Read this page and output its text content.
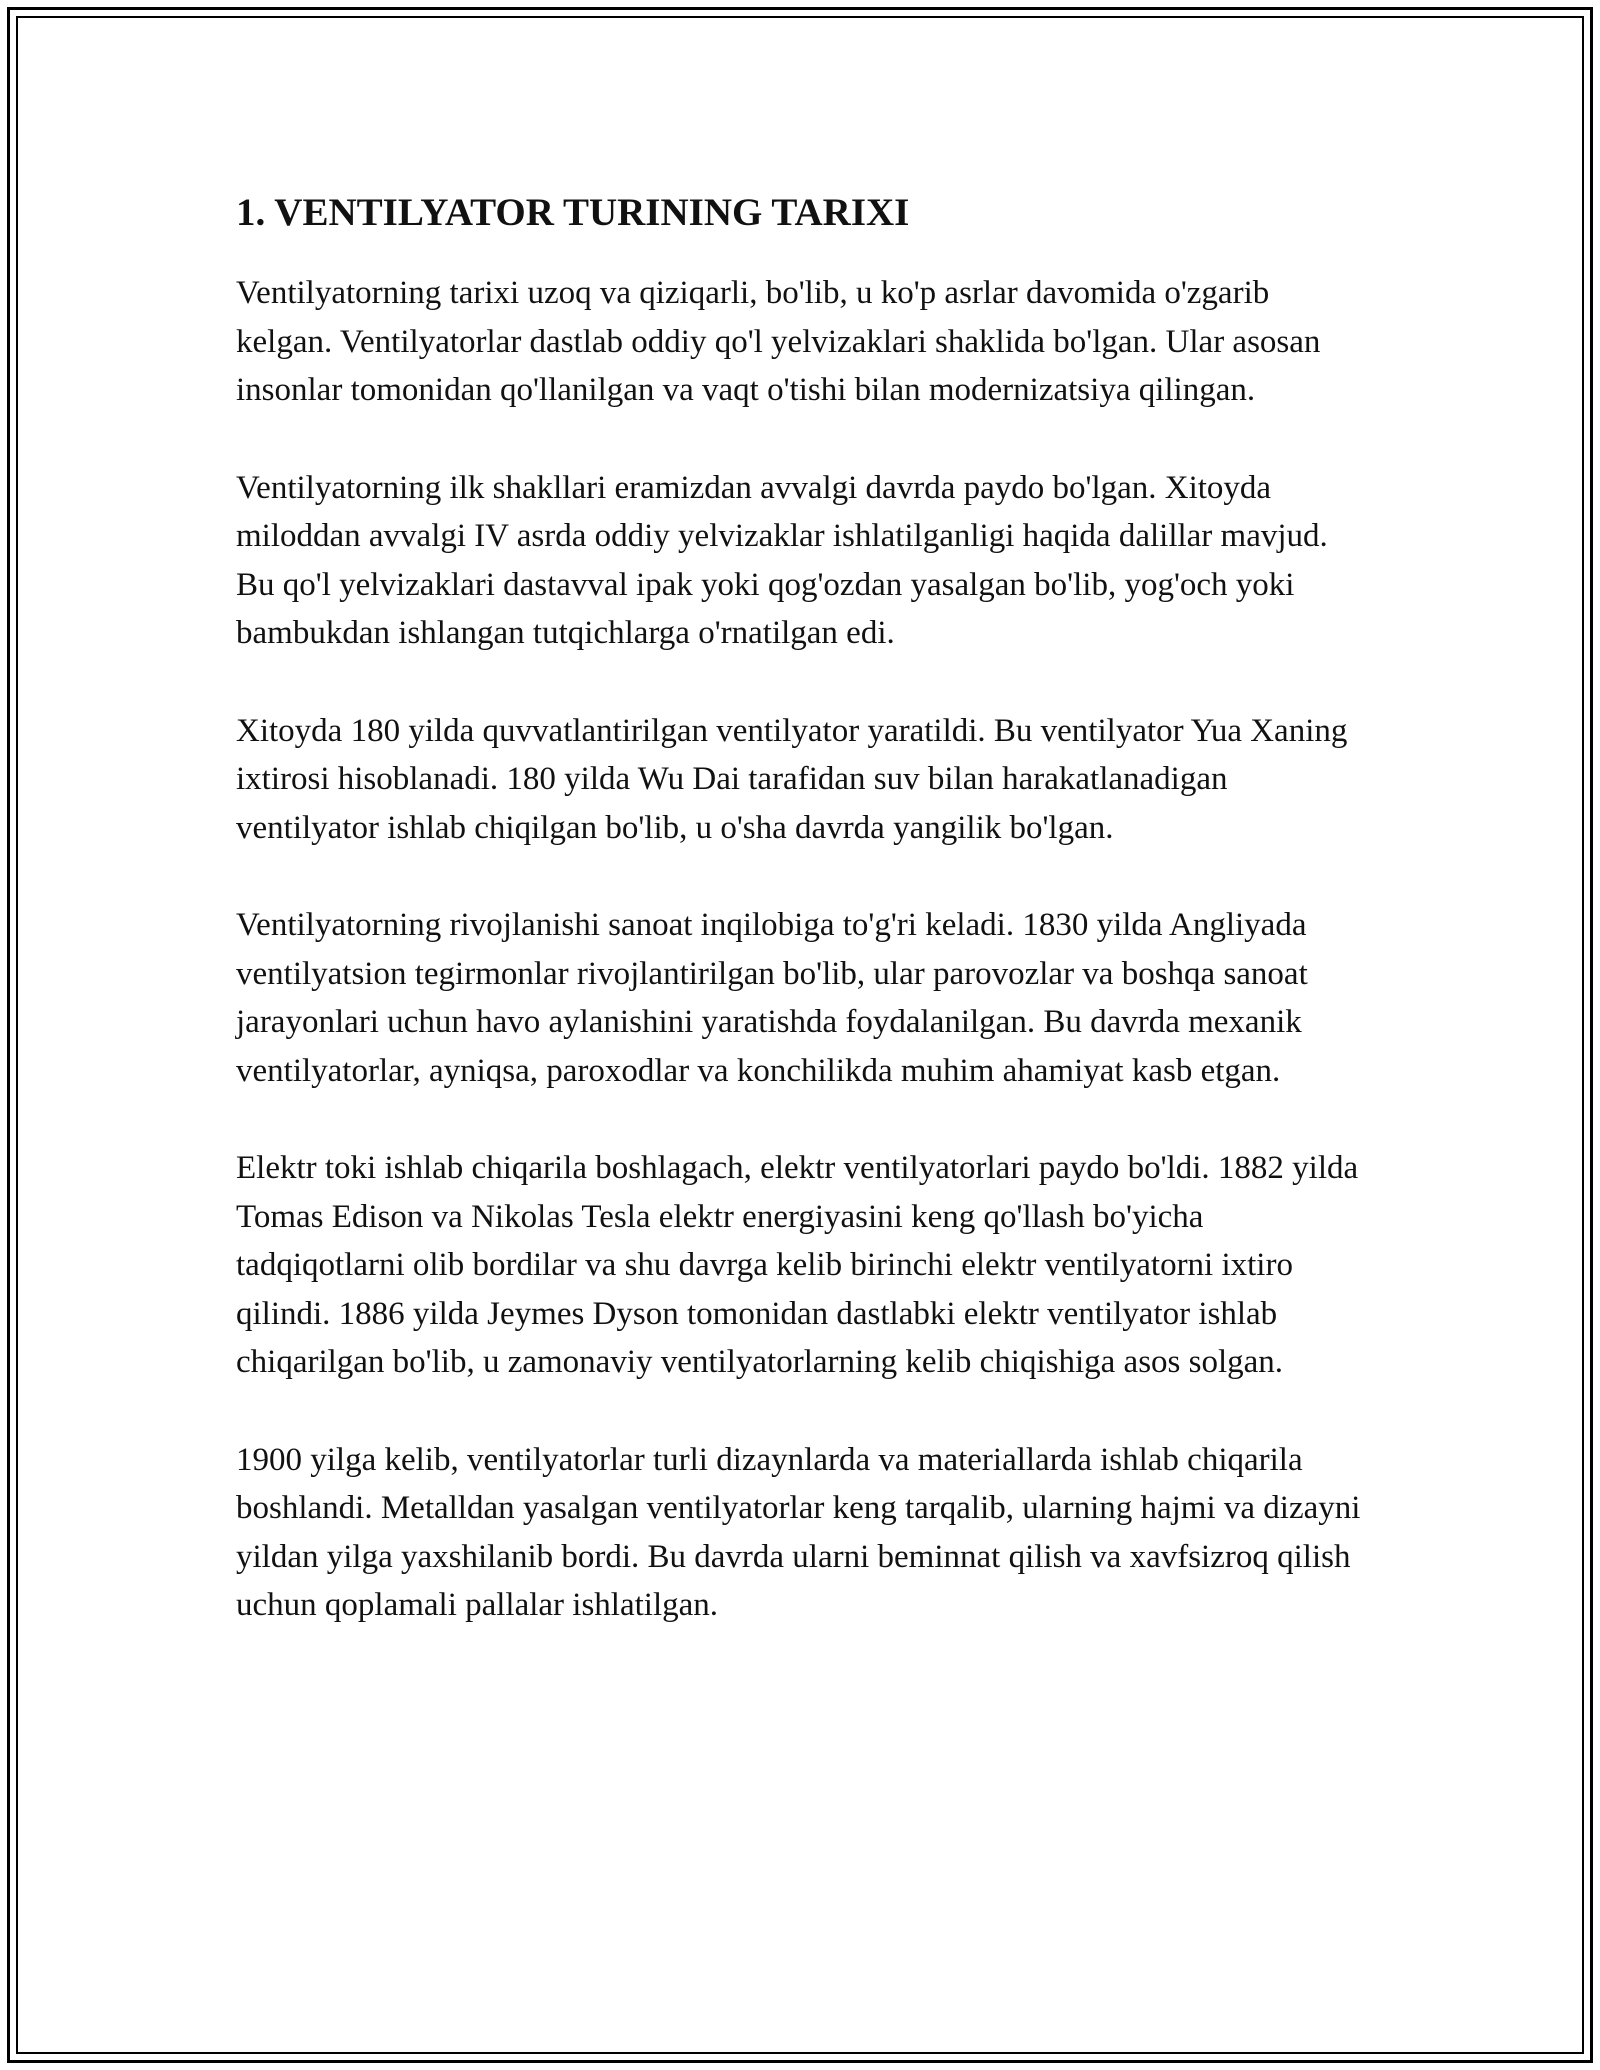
1. VENTILYATOR TURINING TARIXI

Ventilyatorning tarixi uzoq va qiziqarli, bo'lib, u ko'p asrlar davomida o'zgarib kelgan. Ventilyatorlar dastlab oddiy qo'l yelvizaklari shaklida bo'lgan. Ular asosan insonlar tomonidan qo'llanilgan va vaqt o'tishi bilan modernizatsiya qilingan.

Ventilyatorning ilk shakllari eramizdan avvalgi davrda paydo bo'lgan. Xitoyda miloddan avvalgi IV asrda oddiy yelvizaklar ishlatilganligi haqida dalillar mavjud. Bu qo'l yelvizaklari dastavval ipak yoki qog'ozdan yasalgan bo'lib, yog'och yoki bambukdan ishlangan tutqichlarga o'rnatilgan edi.

Xitoyda 180 yilda quvvatlantirilgan ventilyator yaratildi. Bu ventilyator Yua Xaning ixtirosi hisoblanadi. 180 yilda Wu Dai tarafidan suv bilan harakatlanadigan ventilyator ishlab chiqilgan bo'lib, u o'sha davrda yangilik bo'lgan.

Ventilyatorning rivojlanishi sanoat inqilobiga to'g'ri keladi. 1830 yilda Angliyada ventilyatsion tegirmonlar rivojlantirilgan bo'lib, ular parovozlar va boshqa sanoat jarayonlari uchun havo aylanishini yaratishda foydalanilgan. Bu davrda mexanik ventilyatorlar, ayniqsa, paroxodlar va konchilikda muhim ahamiyat kasb etgan.

Elektr toki ishlab chiqarila boshlagach, elektr ventilyatorlari paydo bo'ldi. 1882 yilda Tomas Edison va Nikolas Tesla elektr energiyasini keng qo'llash bo'yicha tadqiqotlarni olib bordilar va shu davrga kelib birinchi elektr ventilyatorni ixtiro qilindi. 1886 yilda Jeymes Dyson tomonidan dastlabki elektr ventilyator ishlab chiqarilgan bo'lib, u zamonaviy ventilyatorlarning kelib chiqishiga asos solgan.

1900 yilga kelib, ventilyatorlar turli dizaynlarda va materiallarda ishlab chiqarila boshlandi. Metalldan yasalgan ventilyatorlar keng tarqalib, ularning hajmi va dizayni yildan yilga yaxshilanib bordi. Bu davrda ularni beminnat qilish va xavfsizroq qilish uchun qoplamali pallalar ishlatilgan.
